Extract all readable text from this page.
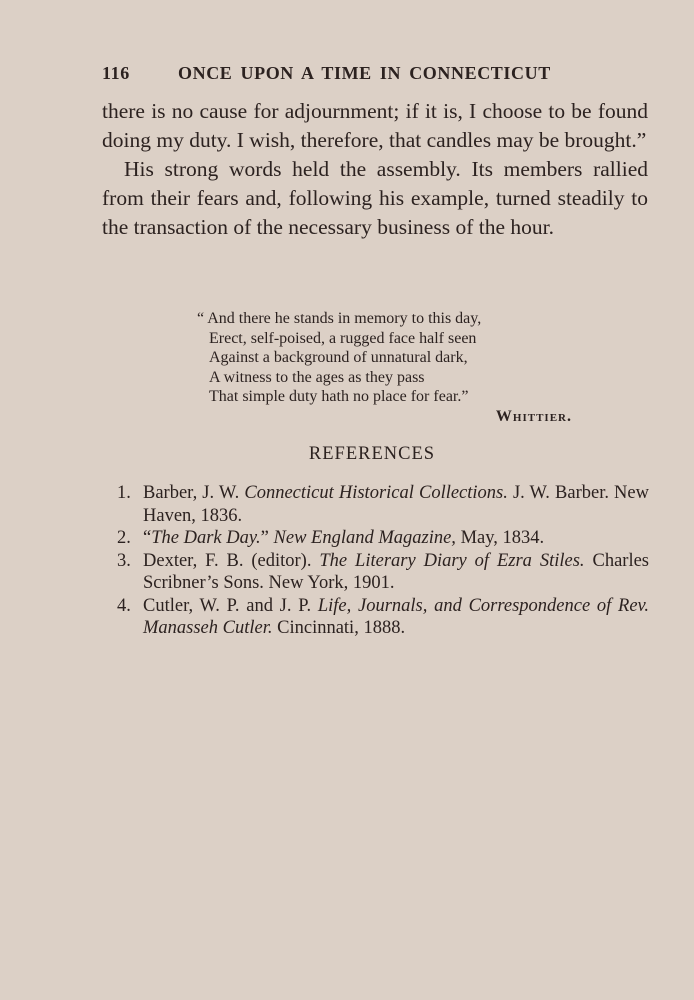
116	ONCE UPON A TIME IN CONNECTICUT

there is no cause for adjournment; if it is, I choose to be found doing my duty. I wish, therefore, that candles may be brought.”

His strong words held the assembly. Its members rallied from their fears and, following his example, turned steadily to the transaction of the necessary business of the hour.

“ And there he stands in memory to this day,
Erect, self-poised, a rugged face half seen
Against a background of unnatural dark,
A witness to the ages as they pass
That simple duty hath no place for fear.”
Whittier.
REFERENCES
1. Barber, J. W. Connecticut Historical Collections. J. W. Barber. New Haven, 1836.
2. “The Dark Day.” New England Magazine, May, 1834.
3. Dexter, F. B. (editor). The Literary Diary of Ezra Stiles. Charles Scribner’s Sons. New York, 1901.
4. Cutler, W. P. and J. P. Life, Journals, and Correspondence of Rev. Manasseh Cutler. Cincinnati, 1888.
